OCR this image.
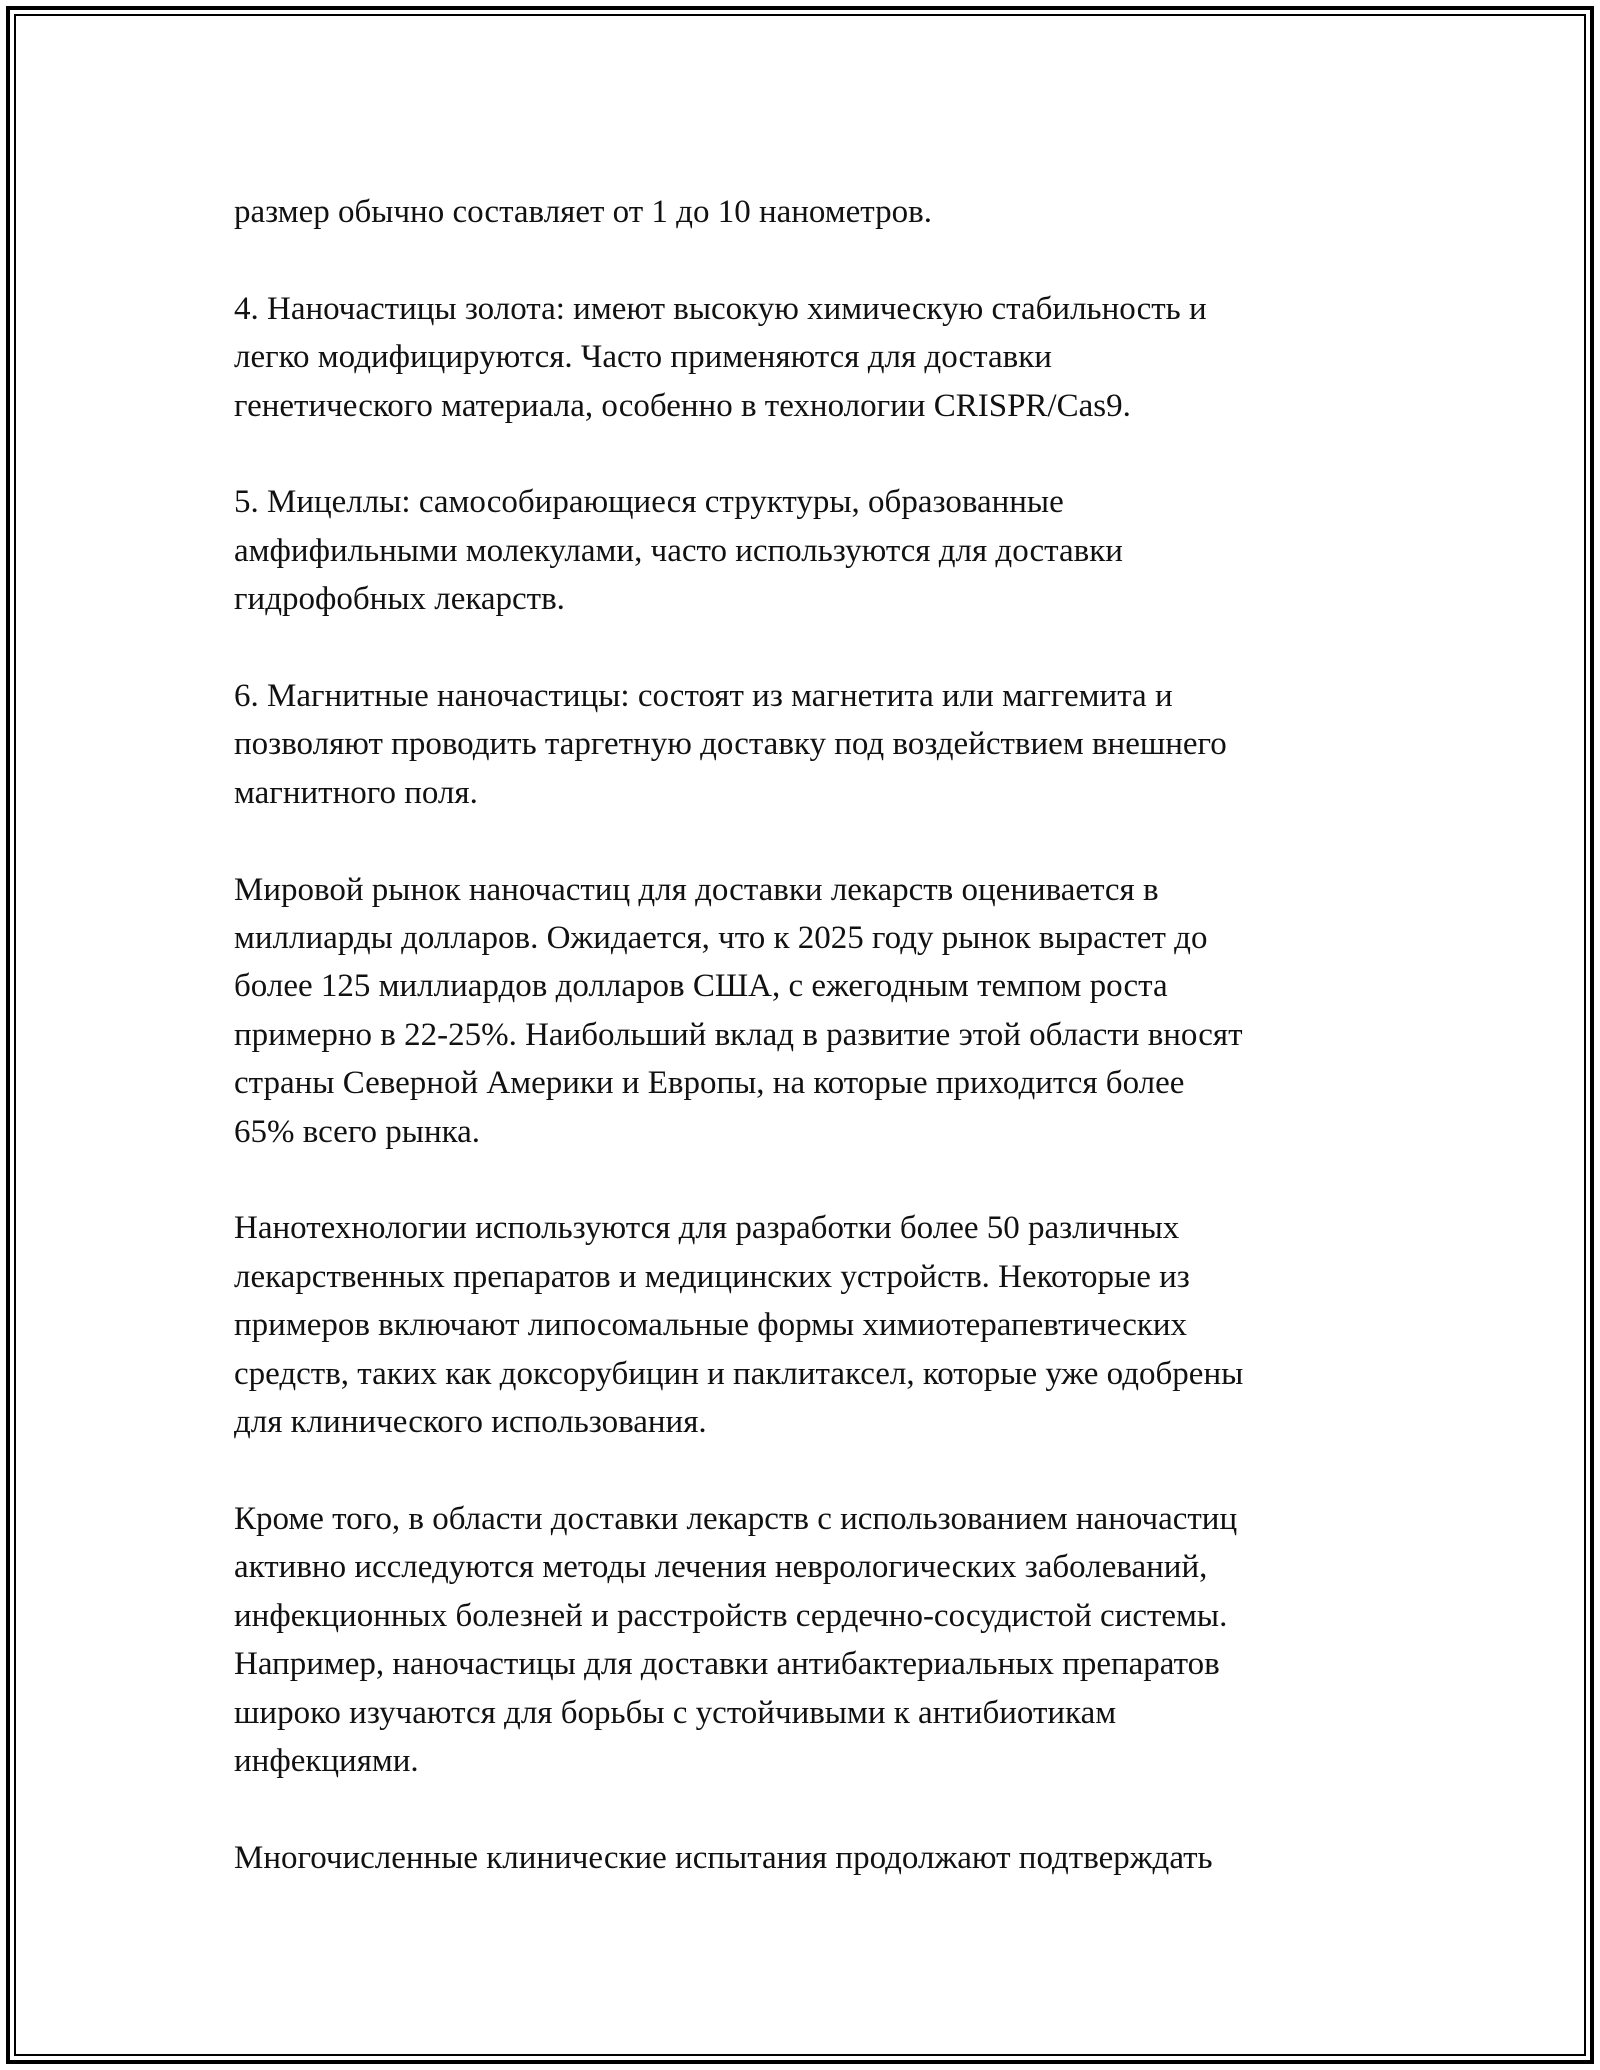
размер обычно составляет от 1 до 10 нанометров.

4. Наночастицы золота: имеют высокую химическую стабильность и
легко модифицируются. Часто применяются для доставки
генетического материала, особенно в технологии CRISPR/Cas9.

5. Мицеллы: самособирающиеся структуры, образованные
амфифильными молекулами, часто используются для доставки
гидрофобных лекарств.

6. Магнитные наночастицы: состоят из магнетита или маггемита и
позволяют проводить таргетную доставку под воздействием внешнего
магнитного поля.

Мировой рынок наночастиц для доставки лекарств оценивается в
миллиарды долларов. Ожидается, что к 2025 году рынок вырастет до
более 125 миллиардов долларов США, с ежегодным темпом роста
примерно в 22-25%. Наибольший вклад в развитие этой области вносят
страны Северной Америки и Европы, на которые приходится более
65% всего рынка.

Нанотехнологии используются для разработки более 50 различных
лекарственных препаратов и медицинских устройств. Некоторые из
примеров включают липосомальные формы химиотерапевтических
средств, таких как доксорубицин и паклитаксел, которые уже одобрены
для клинического использования.

Кроме того, в области доставки лекарств с использованием наночастиц
активно исследуются методы лечения неврологических заболеваний,
инфекционных болезней и расстройств сердечно-сосудистой системы.
Например, наночастицы для доставки антибактериальных препаратов
широко изучаются для борьбы с устойчивыми к антибиотикам
инфекциями.

Многочисленные клинические испытания продолжают подтверждать
